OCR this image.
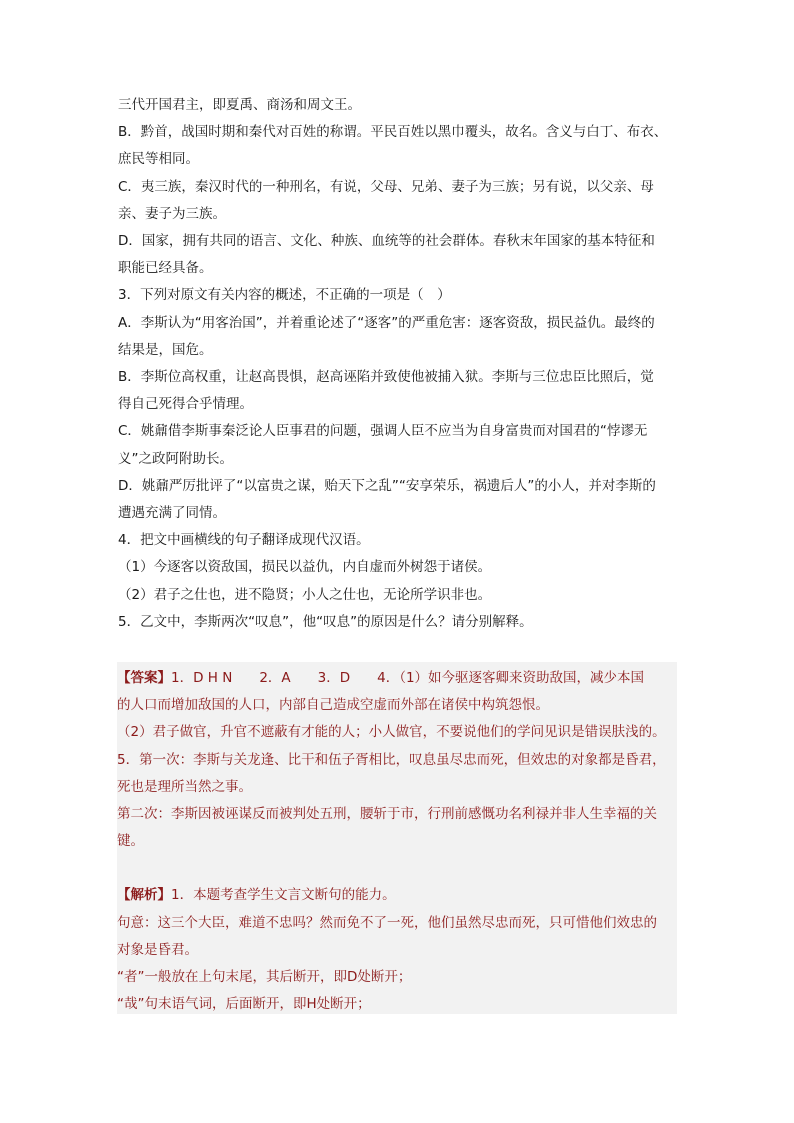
三代开国君主，即夏禹、商汤和周文王。
B．黔首，战国时期和秦代对百姓的称谓。平民百姓以黑巾覆头，故名。含义与白丁、布衣、
庶民等相同。
C．夷三族，秦汉时代的一种刑名，有说，父母、兄弟、妻子为三族；另有说，以父亲、母
亲、妻子为三族。
D．国家，拥有共同的语言、文化、种族、血统等的社会群体。春秋末年国家的基本特征和
职能已经具备。
3．下列对原文有关内容的概述，不正确的一项是（　）
A．李斯认为“用客治国”，并着重论述了“逐客”的严重危害：逐客资敌，损民益仇。最终的
结果是，国危。
B．李斯位高权重，让赵高畏惧，赵高诬陷并致使他被捕入狱。李斯与三位忠臣比照后，觉
得自己死得合乎情理。
C．姚鼐借李斯事秦泛论人臣事君的问题，强调人臣不应当为自身富贵而对国君的“悖谬无
义”之政阿附助长。
D．姚鼐严厉批评了“以富贵之谋，贻天下之乱”“安享荣乐，祸遗后人”的小人，并对李斯的
遭遇充满了同情。
4．把文中画横线的句子翻译成现代汉语。
（1）今逐客以资敌国，损民以益仇，内自虚而外树怨于诸侯。
（2）君子之仕也，进不隐贤；小人之仕也，无论所学识非也。
5．乙文中，李斯两次“叹息”，他“叹息”的原因是什么？请分别解释。
【答案】1．D H N　　2．A　　3．D　　4．（1）如今驱逐客卿来资助敌国，减少本国
的人口而增加敌国的人口，内部自己造成空虚而外部在诸侯中构筑怨恨。
（2）君子做官，升官不遮蔽有才能的人；小人做官，不要说他们的学问见识是错误肤浅的。
5．第一次：李斯与关龙逢、比干和伍子胥相比，叹息虽尽忠而死，但效忠的对象都是昏君，
死也是理所当然之事。
第二次：李斯因被诬谋反而被判处五刑，腰斩于市，行刑前感慨功名利禄并非人生幸福的关
键。
【解析】1．本题考查学生文言文断句的能力。
句意：这三个大臣，难道不忠吗？然而免不了一死，他们虽然尽忠而死，只可惜他们效忠的
对象是昏君。
“者”一般放在上句末尾，其后断开，即D处断开；
“哉”句末语气词，后面断开，即H处断开；
